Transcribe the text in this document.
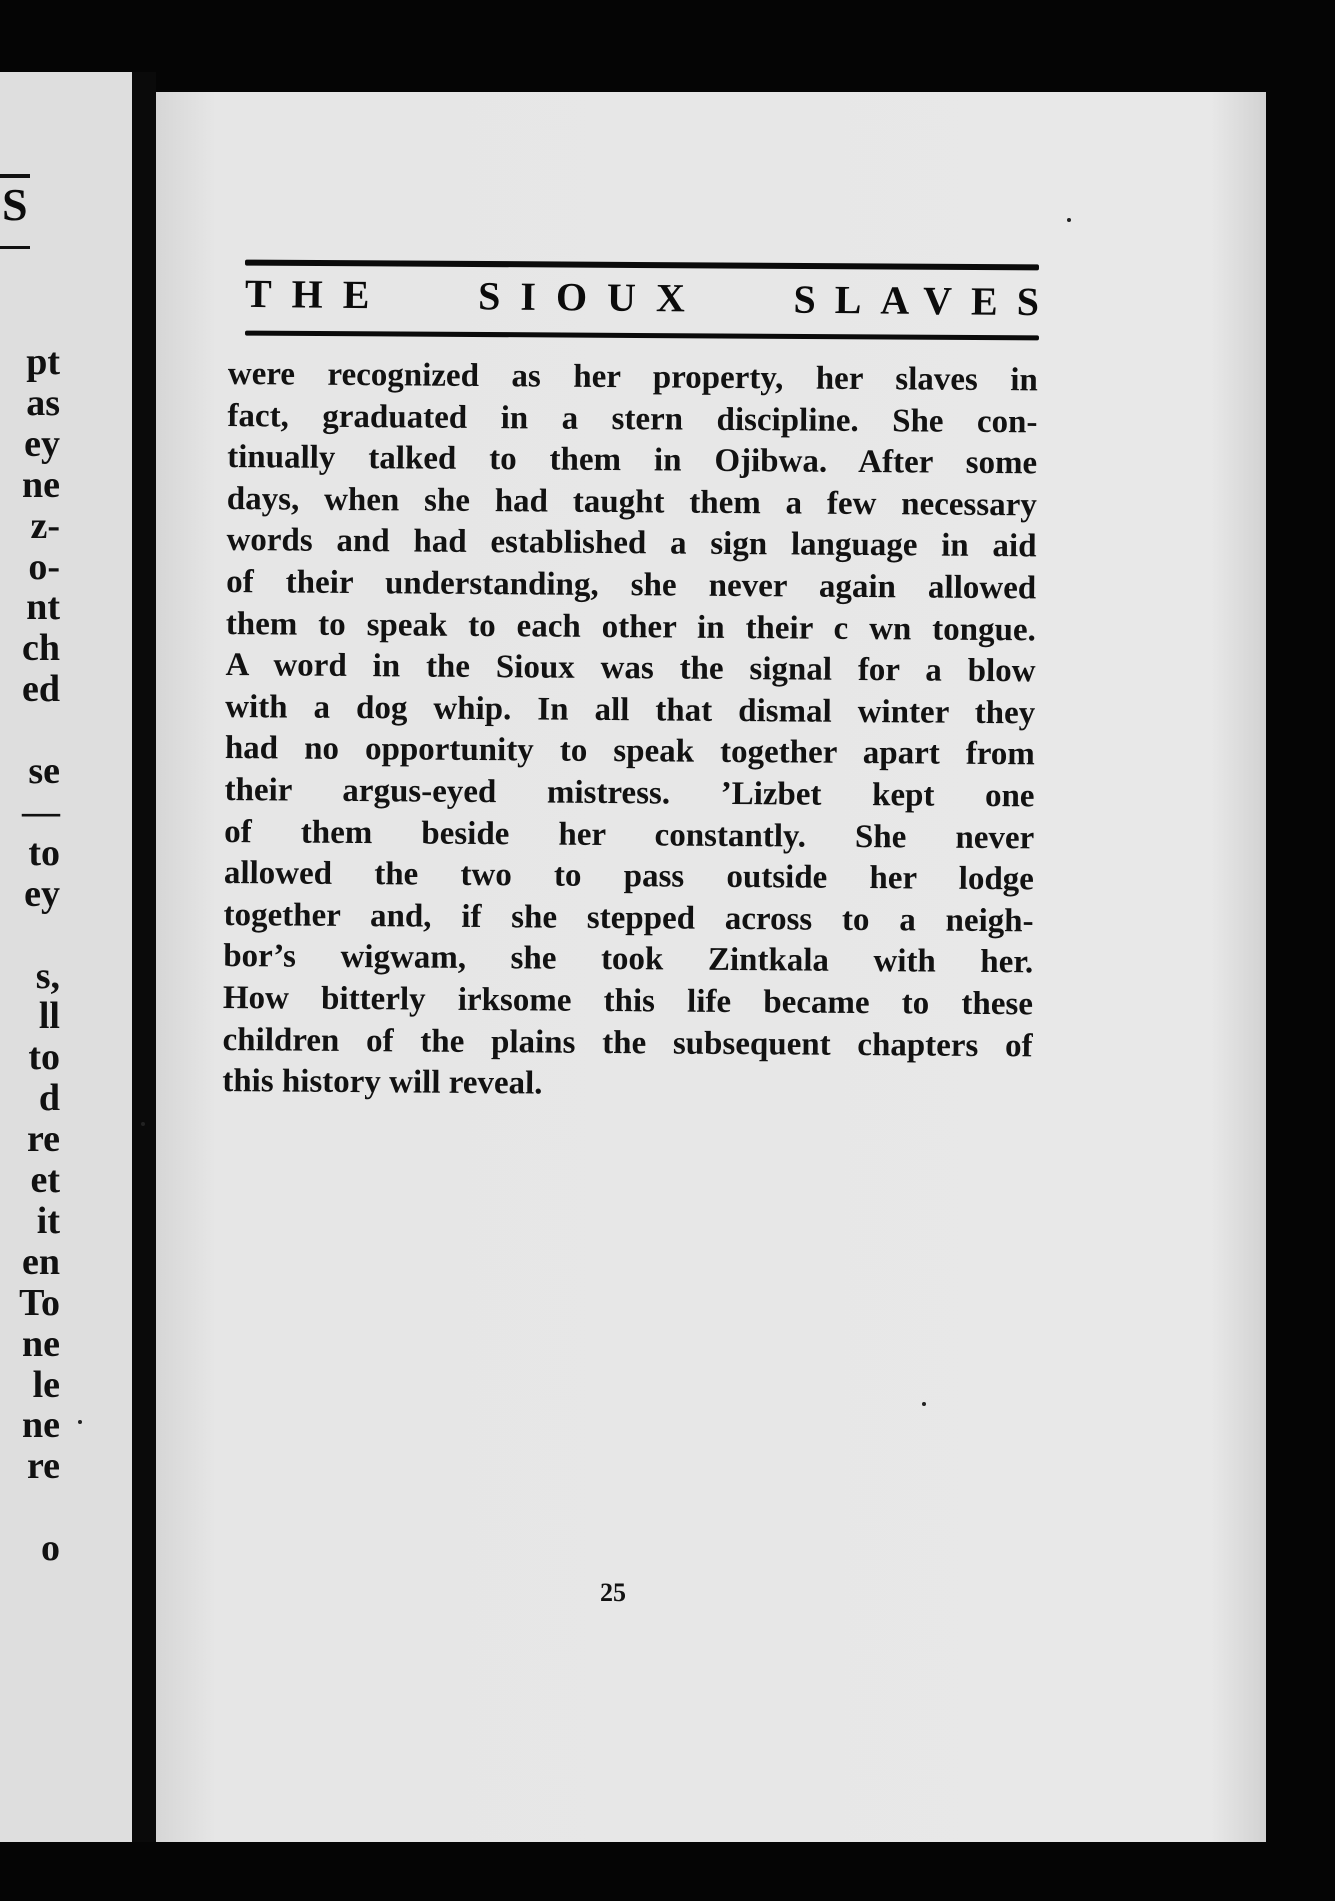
S
pt
as
ey
ne
z-
o-
nt
ch
ed
se
—
to
ey
s,
ll
to
d
re
et
it
en
To
ne
le
ne
re
o
THE SIOUX SLAVES
were recognized as her property, her slaves in
fact, graduated in a stern discipline. She con-
tinually talked to them in Ojibwa. After some
days, when she had taught them a few necessary
words and had established a sign language in aid
of their understanding, she never again allowed
them to speak to each other in their c wn tongue.
A word in the Sioux was the signal for a blow
with a dog whip. In all that dismal winter they
had no opportunity to speak together apart from
their argus-eyed mistress. ’Lizbet kept one
of them beside her constantly. She never
allowed the two to pass outside her lodge
together and, if she stepped across to a neigh-
bor’s wigwam, she took Zintkala with her.
How bitterly irksome this life became to these
children of the plains the subsequent chapters of
this history will reveal.
25
